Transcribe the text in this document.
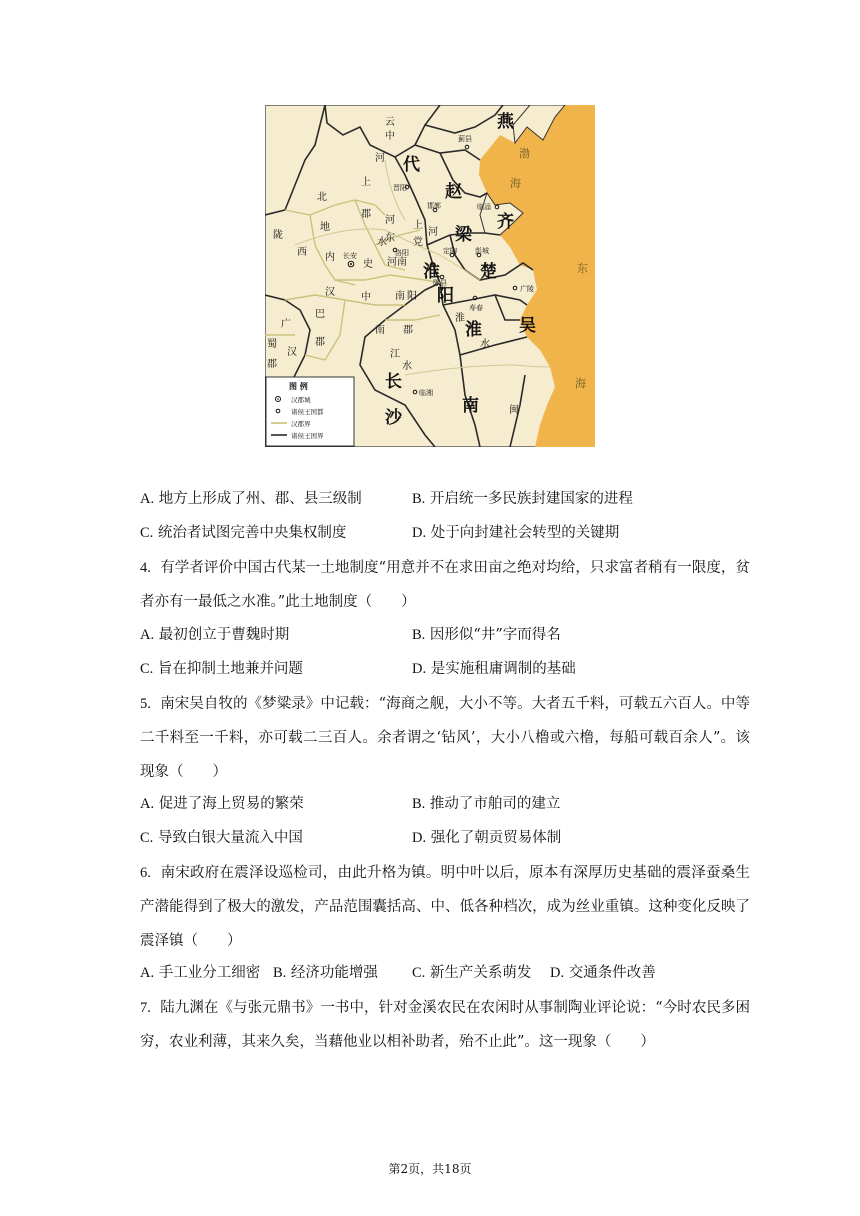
燕
代
赵
齐
梁
淮
阳
楚
淮
南
吴
长
沙
陇
西
北
地
上
郡
内
史
河
东
上
党
河
云
中
汉	中
巴
郡
广
汉
蜀
郡
河南
南 阳
南 郡
闽
河
水
江
水
淮
水
渤
海
东
海
蓟县
晋阳
邯郸	临淄
长安	洛阳	定陶	彭城
陈县
寿春
广陵
临湘
图 例
汉郡城
诸侯王国都
汉郡界
诸侯王国界
A. 地方上形成了州、郡、县三级制	B. 开启统一多民族封建国家的进程
C. 统治者试图完善中央集权制度	D. 处于向封建社会转型的关键期
4. 有学者评价中国古代某一土地制度“用意并不在求田亩之绝对均给，只求富者稍有一限度，贫者亦有一最低之水准。”此土地制度（　　）
A. 最初创立于曹魏时期	B. 因形似“井”字而得名
C. 旨在抑制土地兼并问题	D. 是实施租庸调制的基础
5. 南宋吴自牧的《梦粱录》中记载：“海商之舰，大小不等。大者五千料，可载五六百人。中等二千料至一千料，亦可载二三百人。余者谓之‘钻风’，大小八橹或六橹，每船可载百余人”。该现象（　　）
A. 促进了海上贸易的繁荣	B. 推动了市舶司的建立
C. 导致白银大量流入中国	D. 强化了朝贡贸易体制
6. 南宋政府在震泽设巡检司，由此升格为镇。明中叶以后，原本有深厚历史基础的震泽蚕桑生产潜能得到了极大的激发，产品范围囊括高、中、低各种档次，成为丝业重镇。这种变化反映了震泽镇（　　）
A. 手工业分工细密 B. 经济功能增强 C. 新生产关系萌发 D. 交通条件改善
7. 陆九渊在《与张元鼎书》一书中，针对金溪农民在农闲时从事制陶业评论说：“今时农民多困穷，农业利薄，其来久矣，当藉他业以相补助者，殆不止此”。这一现象（　　）
第2页，共18页
